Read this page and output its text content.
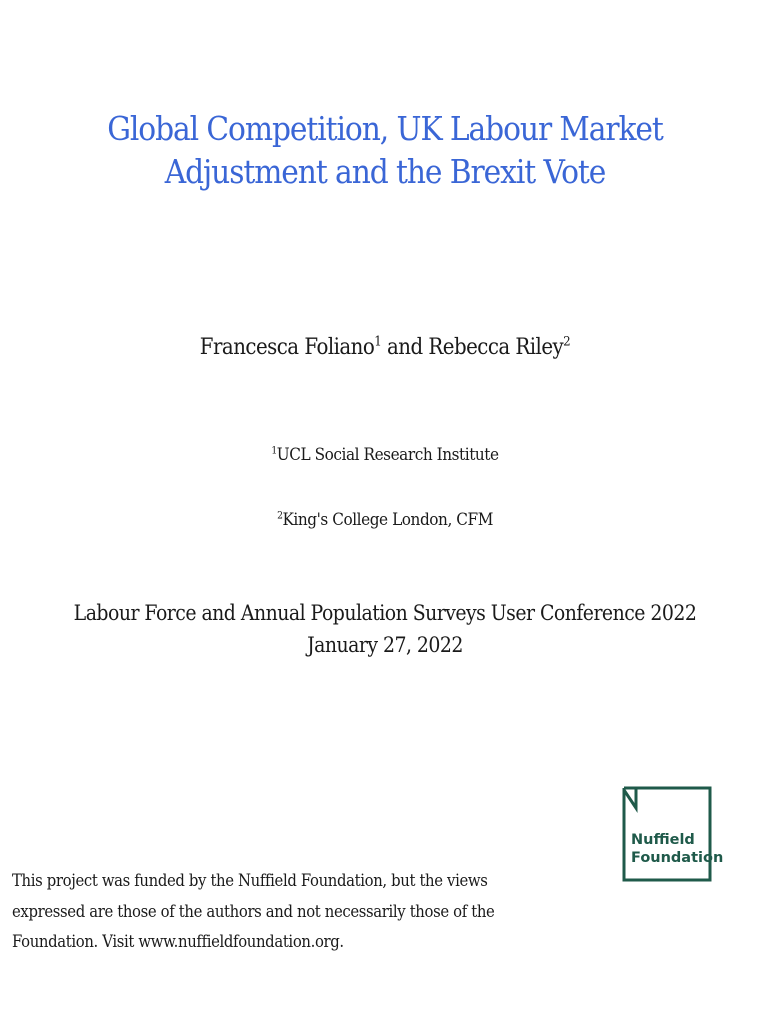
Global Competition, UK Labour Market
Adjustment and the Brexit Vote
Francesca Foliano$^1$ and Rebecca Riley$^2$
$^1$UCL Social Research Institute
$^2$King's College London, CFM
Labour Force and Annual Population Surveys User Conference 2022
January 27, 2022
This project was funded by the Nuffield Foundation, but the views expressed are those of the authors and not necessarily those of the Foundation. Visit www.nuffieldfoundation.org.
Nuffield
Foundation
